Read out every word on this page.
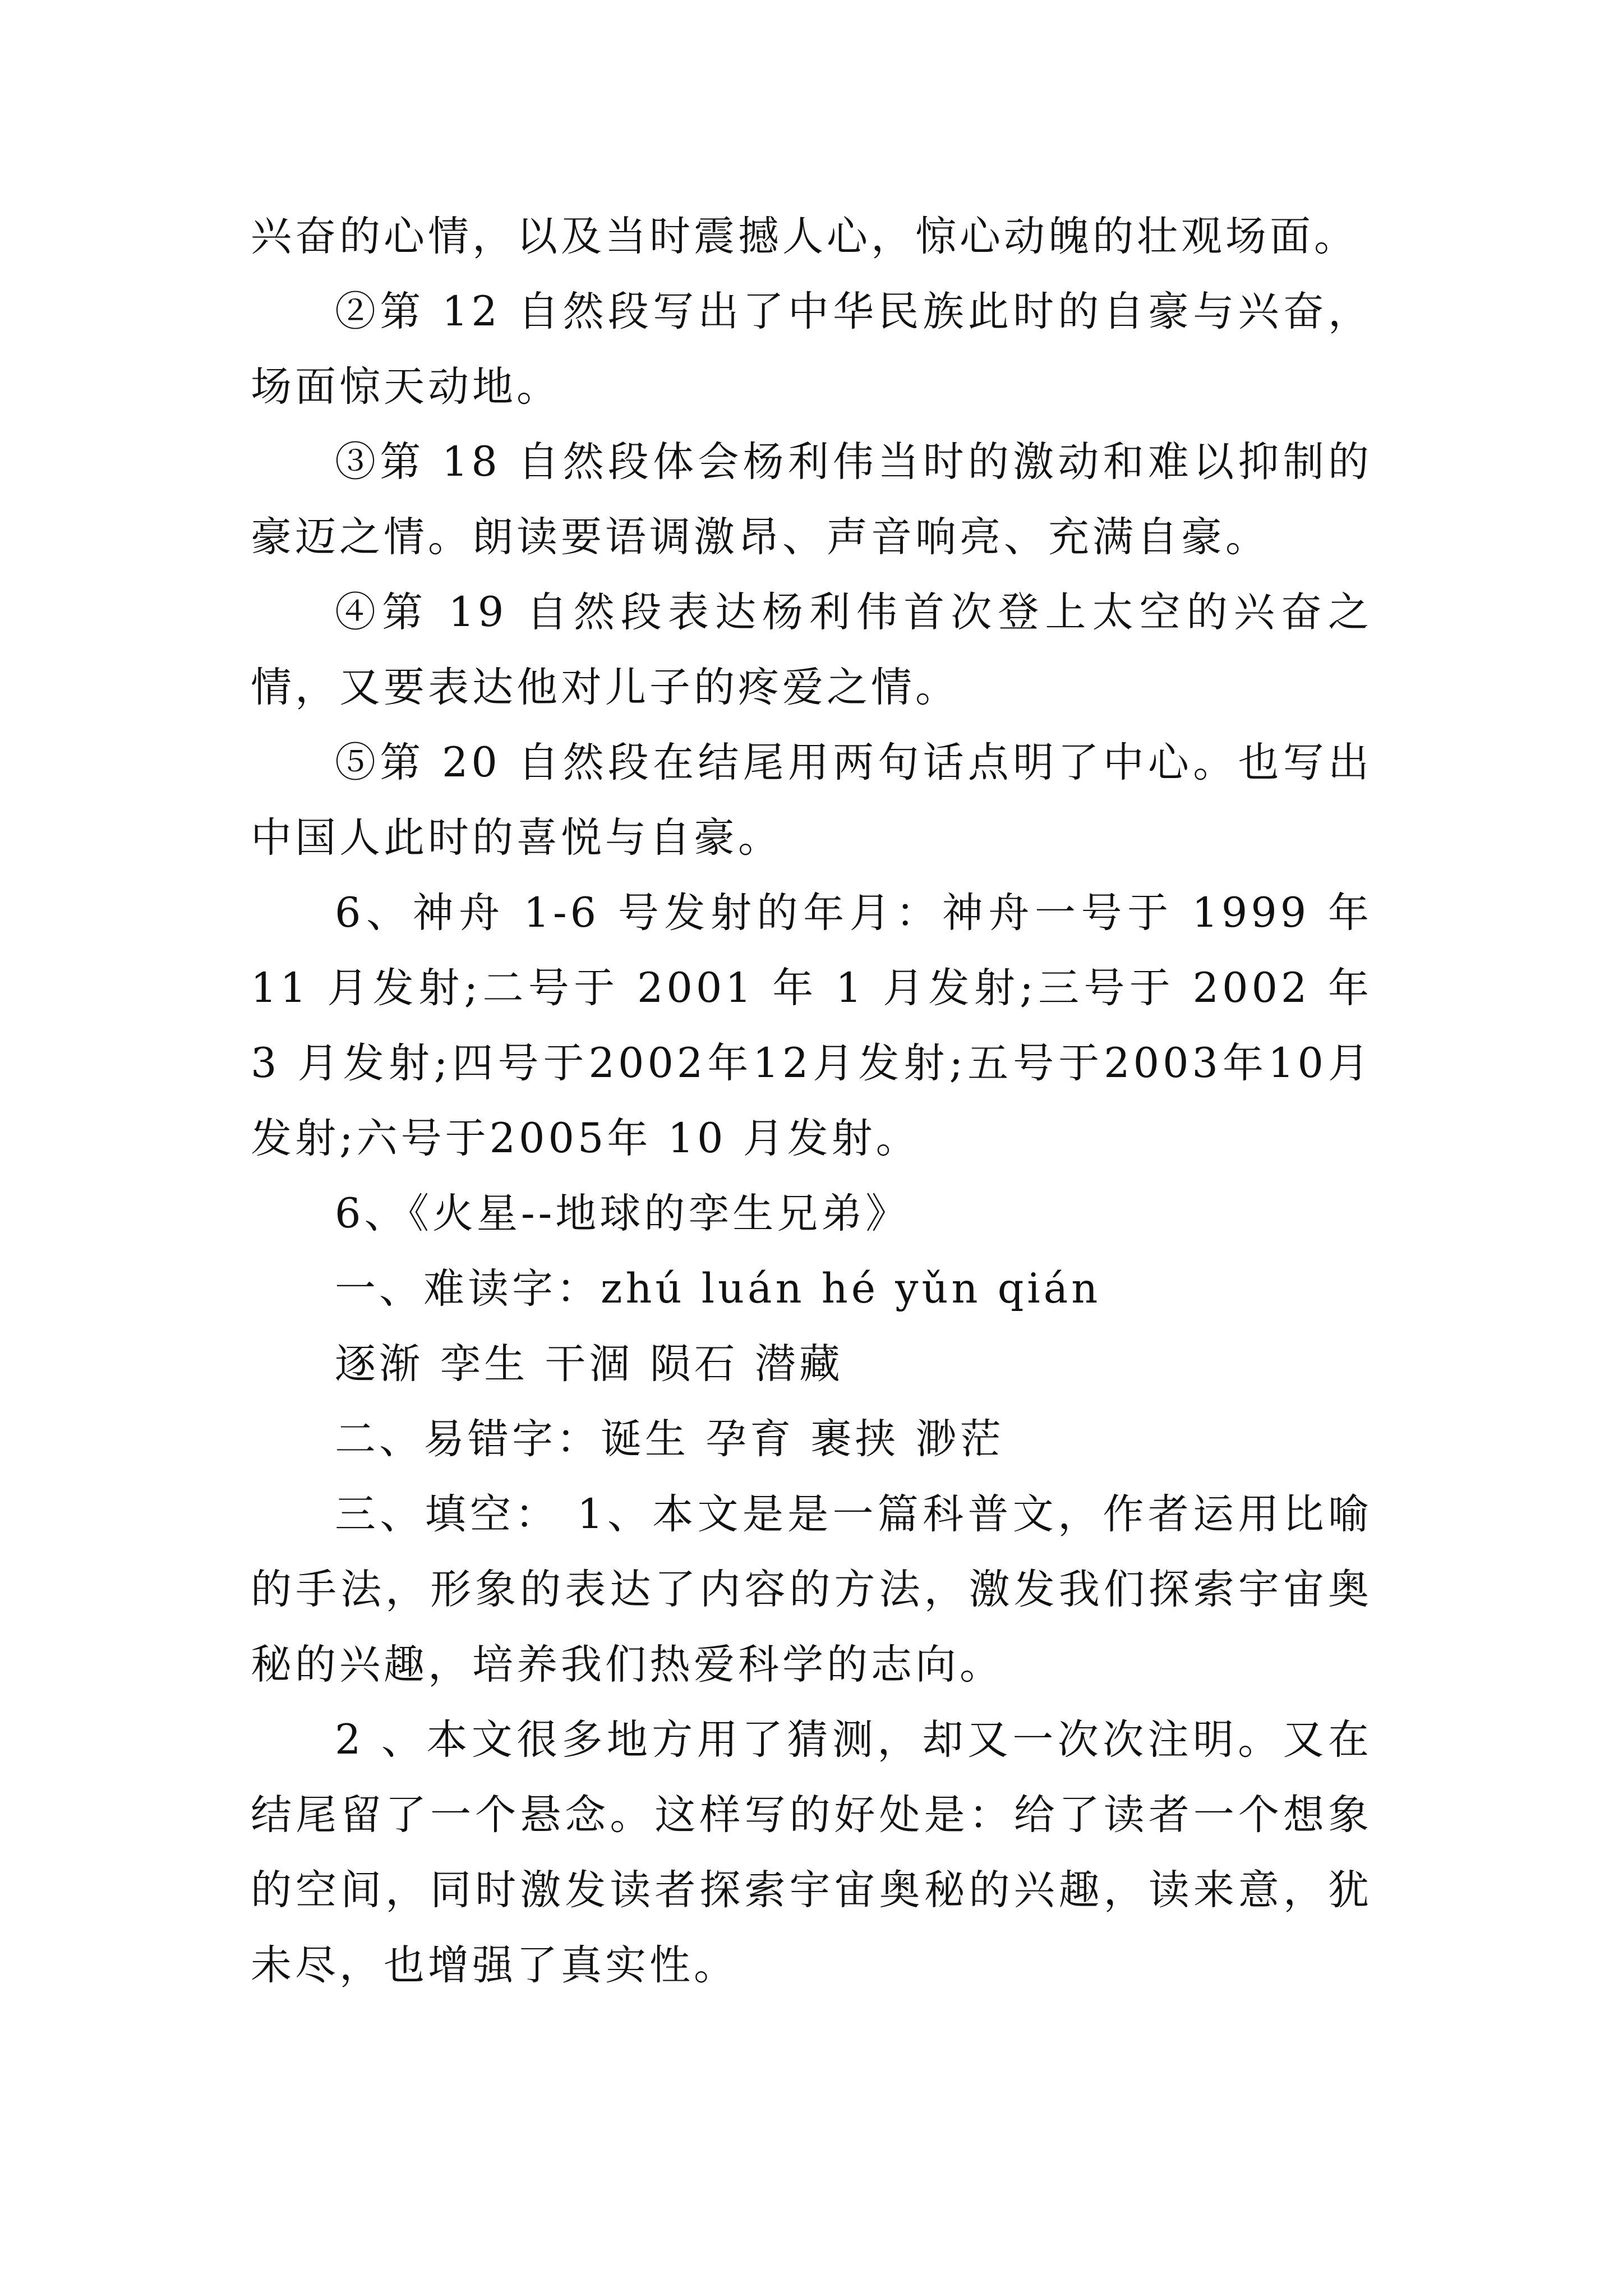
兴奋的心情，以及当时震撼人心，惊心动魄的壮观场面。

②第 12 自然段写出了中华民族此时的自豪与兴奋，场面惊天动地。

③第 18 自然段体会杨利伟当时的激动和难以抑制的豪迈之情。朗读要语调激昂、声音响亮、充满自豪。

④第 19 自然段表达杨利伟首次登上太空的兴奋之情，又要表达他对儿子的疼爱之情。

⑤第 20 自然段在结尾用两句话点明了中心。也写出中国人此时的喜悦与自豪。

6、神舟 1-6 号发射的年月：神舟一号于 1999 年 11 月发射;二号于 2001 年 1 月发射;三号于 2002 年 3 月发射;四号于2002年12月发射;五号于2003年10月发射;六号于2005年 10 月发射。

6、《火星--地球的孪生兄弟》

一、难读字：zhú luán hé yǔn qián

逐渐 孪生 干涸 陨石 潜藏

二、易错字：诞生 孕育 裹挟 渺茫

三、填空： 1、本文是是一篇科普文，作者运用比喻的手法，形象的表达了内容的方法，激发我们探索宇宙奥秘的兴趣，培养我们热爱科学的志向。

2 、本文很多地方用了猜测，却又一次次注明。又在结尾留了一个悬念。这样写的好处是：给了读者一个想象的空间，同时激发读者探索宇宙奥秘的兴趣，读来意，犹未尽，也增强了真实性。
